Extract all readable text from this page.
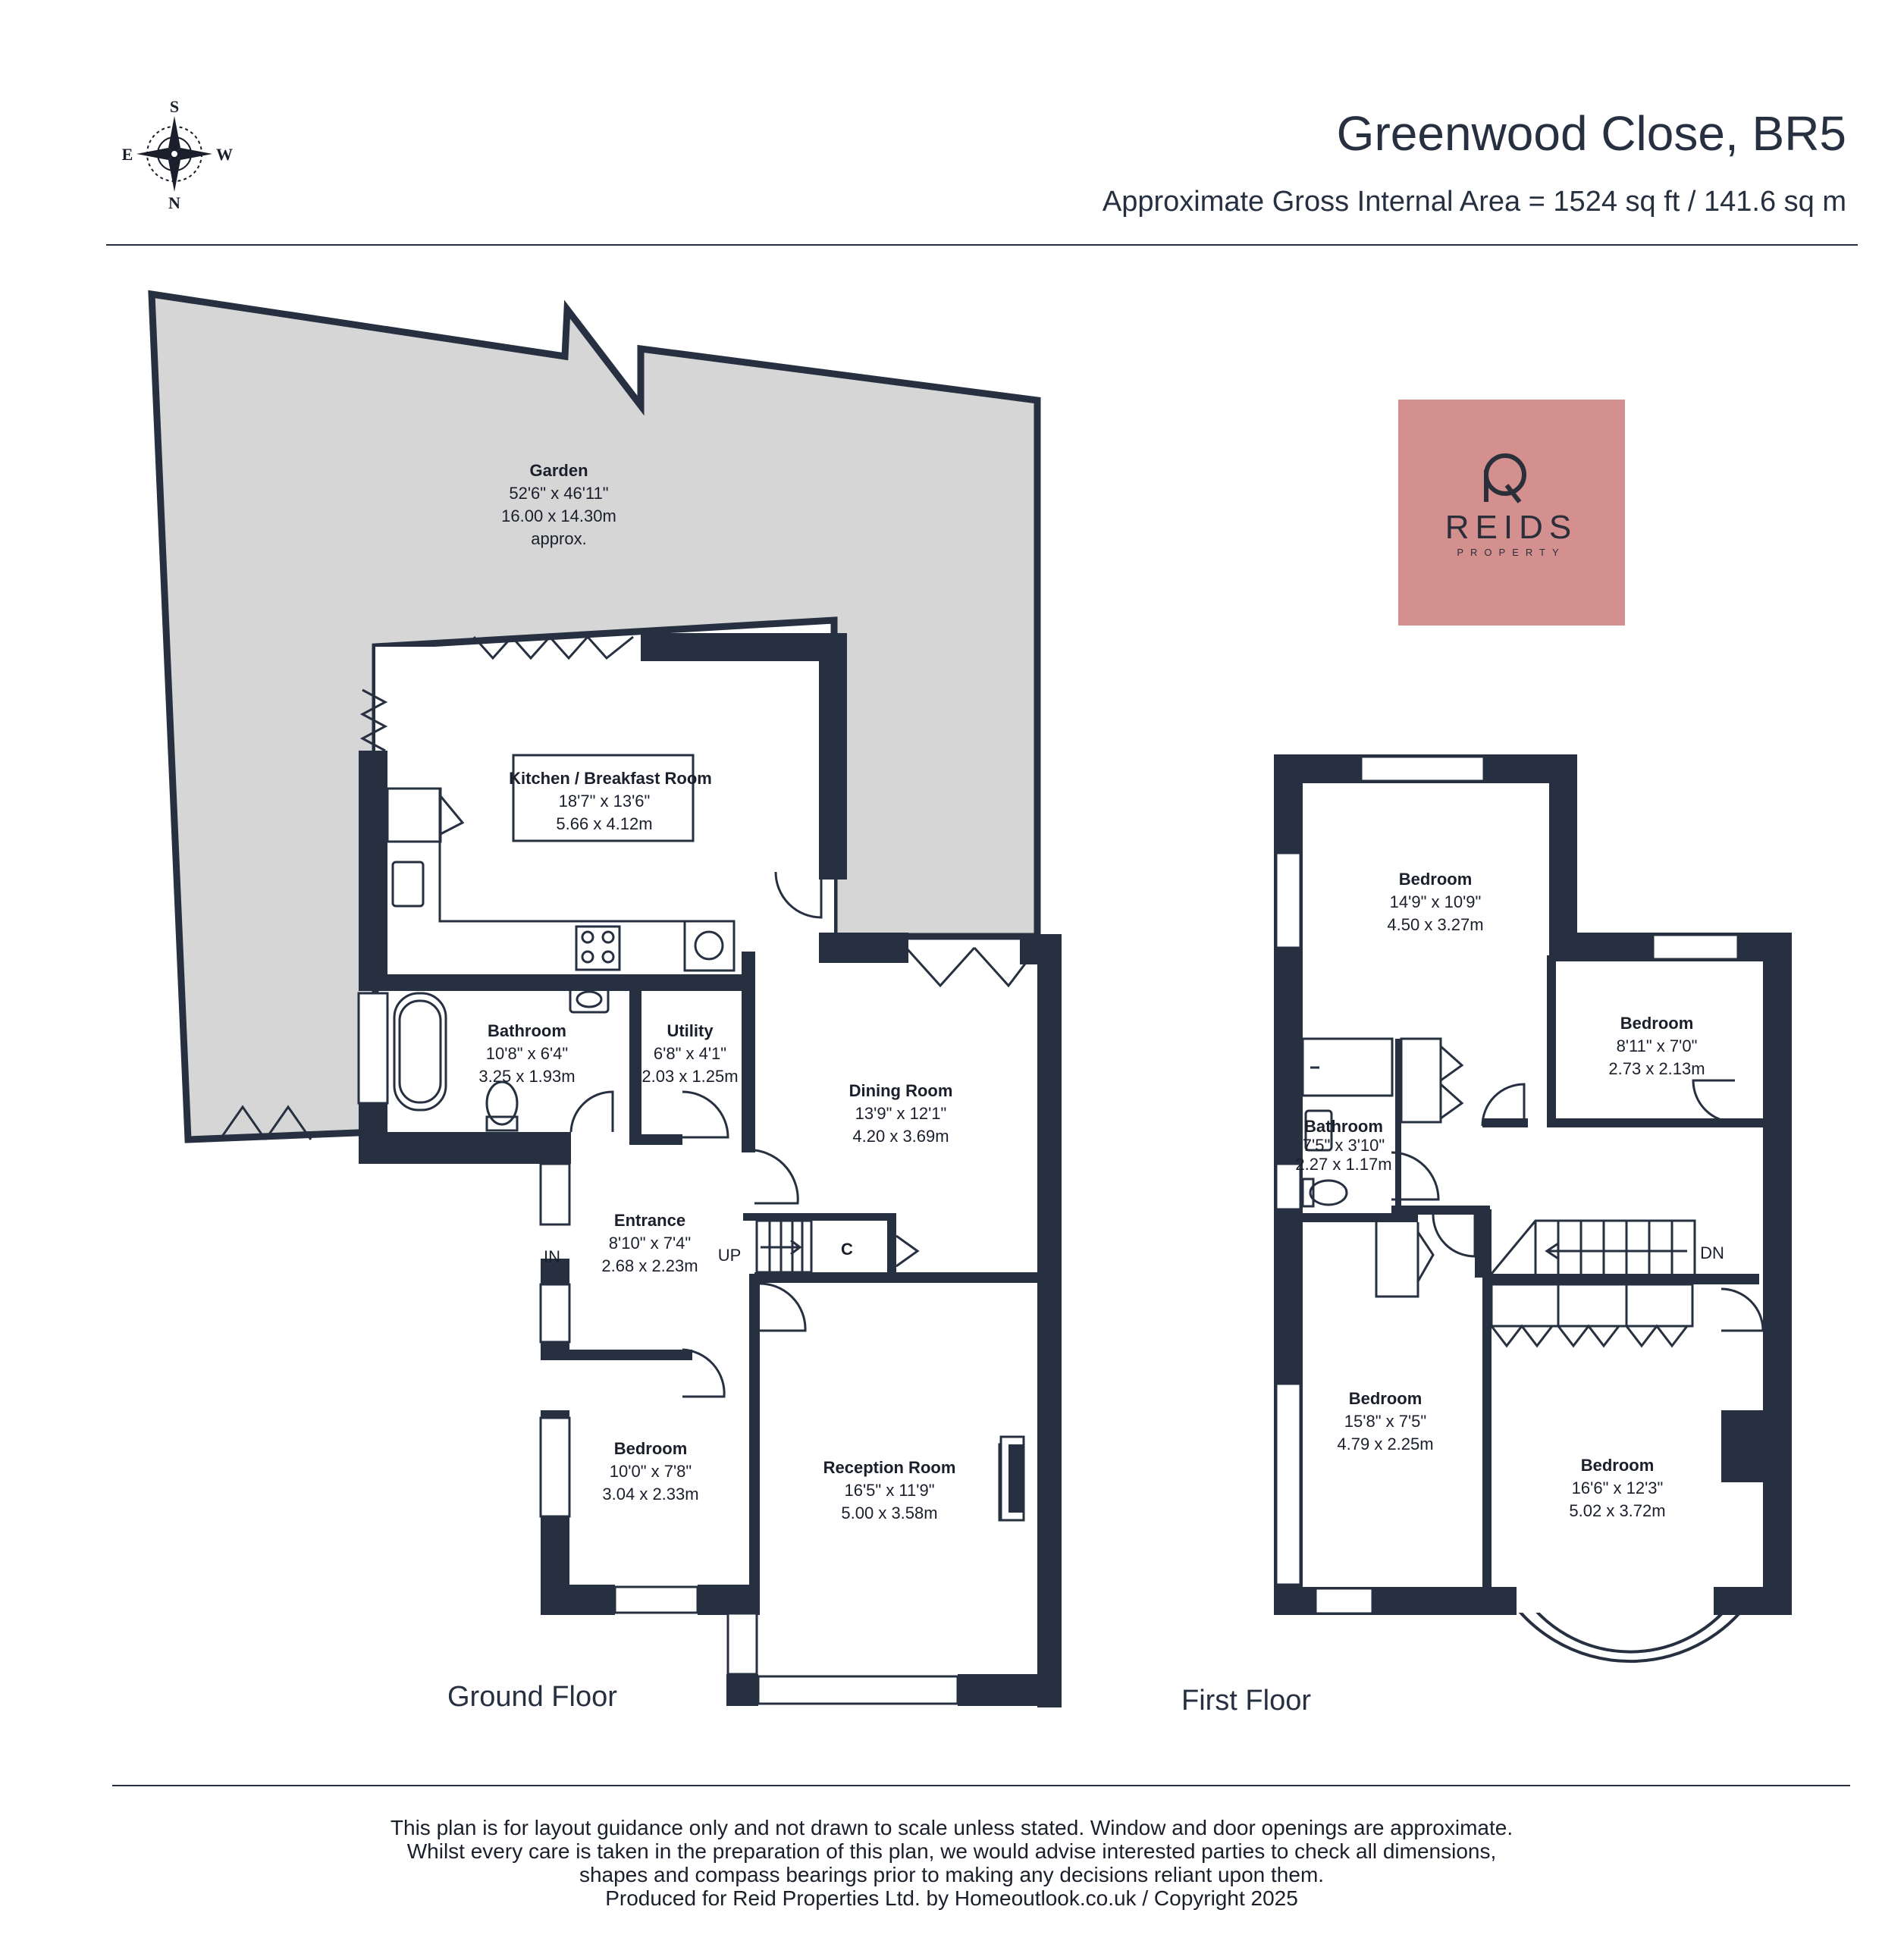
S
E	W
N
Greenwood Close, BR5
Approximate Gross Internal Area = 1524 sq ft / 141.6 sq m
REIDS
PROPERTY
Garden
52'6" x 46'11"
16.00 x 14.30m
approx.
Kitchen / Breakfast Room
18'7" x 13'6"
5.66 x 4.12m
Bathroom
10'8" x 6'4"
3.25 x 1.93m
Utility
6'8" x 4'1"
2.03 x 1.25m
Dining Room
13'9" x 12'1"
4.20 x 3.69m
Entrance
8'10" x 7'4"
2.68 x 2.23m
Bedroom
10'0" x 7'8"
3.04 x 2.33m
Reception Room
16'5" x 11'9"
5.00 x 3.58m
IN	UP	C
Ground Floor
Bedroom
14'9" x 10'9"
4.50 x 3.27m
Bedroom
8'11" x 7'0"
2.73 x 2.13m
Bathroom
7'5" x 3'10"
2.27 x 1.17m
Bedroom
15'8" x 7'5"
4.79 x 2.25m
Bedroom
16'6" x 12'3"
5.02 x 3.72m
DN
First Floor
This plan is for layout guidance only and not drawn to scale unless stated. Window and door openings are approximate.
Whilst every care is taken in the preparation of this plan, we would advise interested parties to check all dimensions,
shapes and compass bearings prior to making any decisions reliant upon them.
Produced for Reid Properties Ltd. by Homeoutlook.co.uk / Copyright 2025
